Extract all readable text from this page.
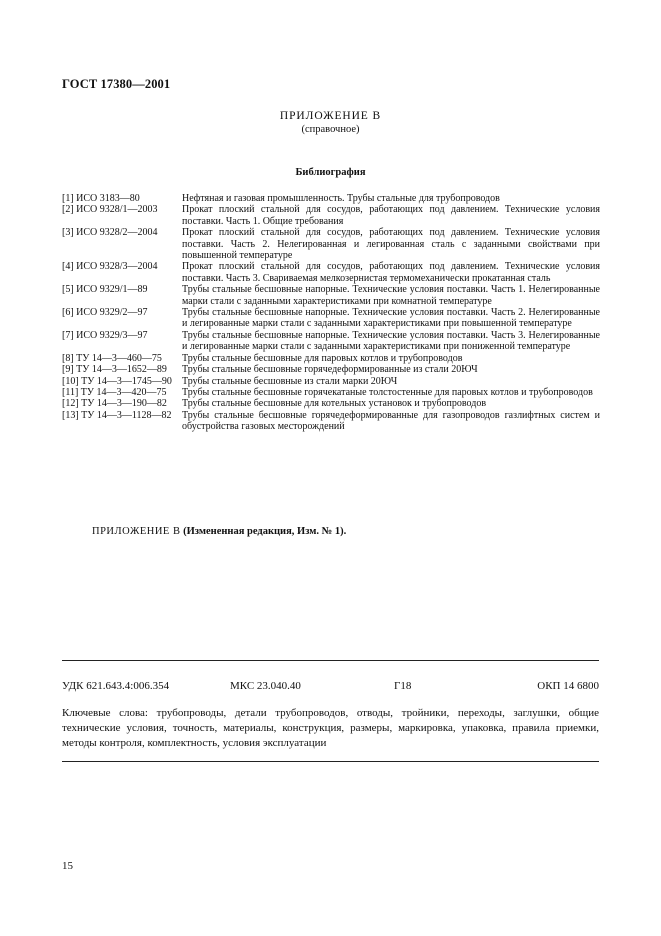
ГОСТ 17380—2001
ПРИЛОЖЕНИЕ В
(справочное)
Библиография
[1] ИСО 3183—80	Нефтяная и газовая промышленность. Трубы стальные для трубопроводов
[2] ИСО 9328/1—2003	Прокат плоский стальной для сосудов, работающих под давлением. Технические условия поставки. Часть 1. Общие требования
[3] ИСО 9328/2—2004	Прокат плоский стальной для сосудов, работающих под давлением. Технические условия поставки. Часть 2. Нелегированная и легированная сталь с заданными свойствами при повышенной температуре
[4] ИСО 9328/3—2004	Прокат плоский стальной для сосудов, работающих под давлением. Технические условия поставки. Часть 3. Свариваемая мелкозернистая термомеханически прокатанная сталь
[5] ИСО 9329/1—89	Трубы стальные бесшовные напорные. Технические условия поставки. Часть 1. Нелегированные марки стали с заданными характеристиками при комнатной температуре
[6] ИСО 9329/2—97	Трубы стальные бесшовные напорные. Технические условия поставки. Часть 2. Нелегированные и легированные марки стали с заданными характеристиками при повышенной температуре
[7] ИСО 9329/3—97	Трубы стальные бесшовные напорные. Технические условия поставки. Часть 3. Нелегированные и легированные марки стали с заданными характеристиками при пониженной температуре
[8] ТУ 14—3—460—75	Трубы стальные бесшовные для паровых котлов и трубопроводов
[9] ТУ 14—3—1652—89	Трубы стальные бесшовные горячедеформированные из стали 20ЮЧ
[10] ТУ 14—3—1745—90	Трубы стальные бесшовные из стали марки 20ЮЧ
[11] ТУ 14—3—420—75	Трубы стальные бесшовные горячекатаные толстостенные для паровых котлов и трубопроводов
[12] ТУ 14—3—190—82	Трубы стальные бесшовные для котельных установок и трубопроводов
[13] ТУ 14—3—1128—82	Трубы стальные бесшовные горячедеформированные для газопроводов газлифтных систем и обустройства газовых месторождений
ПРИЛОЖЕНИЕ В (Измененная редакция, Изм. № 1).
УДК 621.643.4:006.354	МКС 23.040.40	Г18	ОКП 14 6800
Ключевые слова: трубопроводы, детали трубопроводов, отводы, тройники, переходы, заглушки, общие технические условия, точность, материалы, конструкция, размеры, маркировка, упаковка, правила приемки, методы контроля, комплектность, условия эксплуатации
15
